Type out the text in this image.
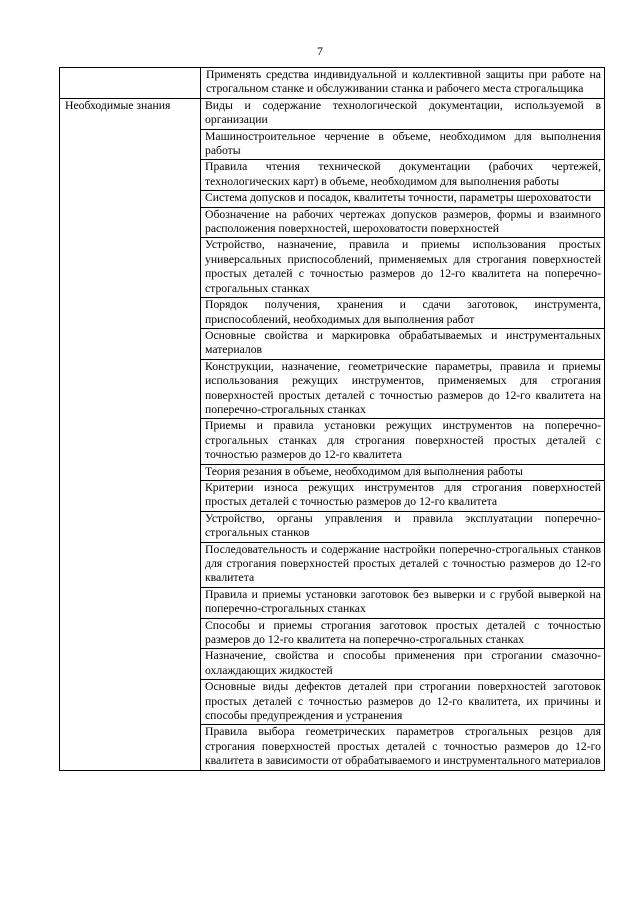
7
	Применять средства индивидуальной и коллективной защиты при работе на строгальном станке и обслуживании станка и рабочего места строгальщика
Необходимые знания	Виды и содержание технологической документации, используемой в организации
	Машиностроительное черчение в объеме, необходимом для выполнения работы
	Правила чтения технической документации (рабочих чертежей, технологических карт) в объеме, необходимом для выполнения работы
	Система допусков и посадок, квалитеты точности, параметры шероховатости
	Обозначение на рабочих чертежах допусков размеров, формы и взаимного расположения поверхностей, шероховатости поверхностей
	Устройство, назначение, правила и приемы использования простых универсальных приспособлений, применяемых для строгания поверхностей простых деталей с точностью размеров до 12-го квалитета на поперечно-строгальных станках
	Порядок получения, хранения и сдачи заготовок, инструмента, приспособлений, необходимых для выполнения работ
	Основные свойства и маркировка обрабатываемых и инструментальных материалов
	Конструкции, назначение, геометрические параметры, правила и приемы использования режущих инструментов, применяемых для строгания поверхностей простых деталей с точностью размеров до 12-го квалитета на поперечно-строгальных станках
	Приемы и правила установки режущих инструментов на поперечно-строгальных станках для строгания поверхностей простых деталей с точностью размеров до 12-го квалитета
	Теория резания в объеме, необходимом для выполнения работы
	Критерии износа режущих инструментов для строгания поверхностей простых деталей с точностью размеров до 12-го квалитета
	Устройство, органы управления и правила эксплуатации поперечно-строгальных станков
	Последовательность и содержание настройки поперечно-строгальных станков для строгания поверхностей простых деталей с точностью размеров до 12-го квалитета
	Правила и приемы установки заготовок без выверки и с грубой выверкой на поперечно-строгальных станках
	Способы и приемы строгания заготовок простых деталей с точностью размеров до 12-го квалитета на поперечно-строгальных станках
	Назначение, свойства и способы применения при строгании смазочно-охлаждающих жидкостей
	Основные виды дефектов деталей при строгании поверхностей заготовок простых деталей с точностью размеров до 12-го квалитета, их причины и способы предупреждения и устранения
	Правила выбора геометрических параметров строгальных резцов для строгания поверхностей простых деталей с точностью размеров до 12-го квалитета в зависимости от обрабатываемого и инструментального материалов
